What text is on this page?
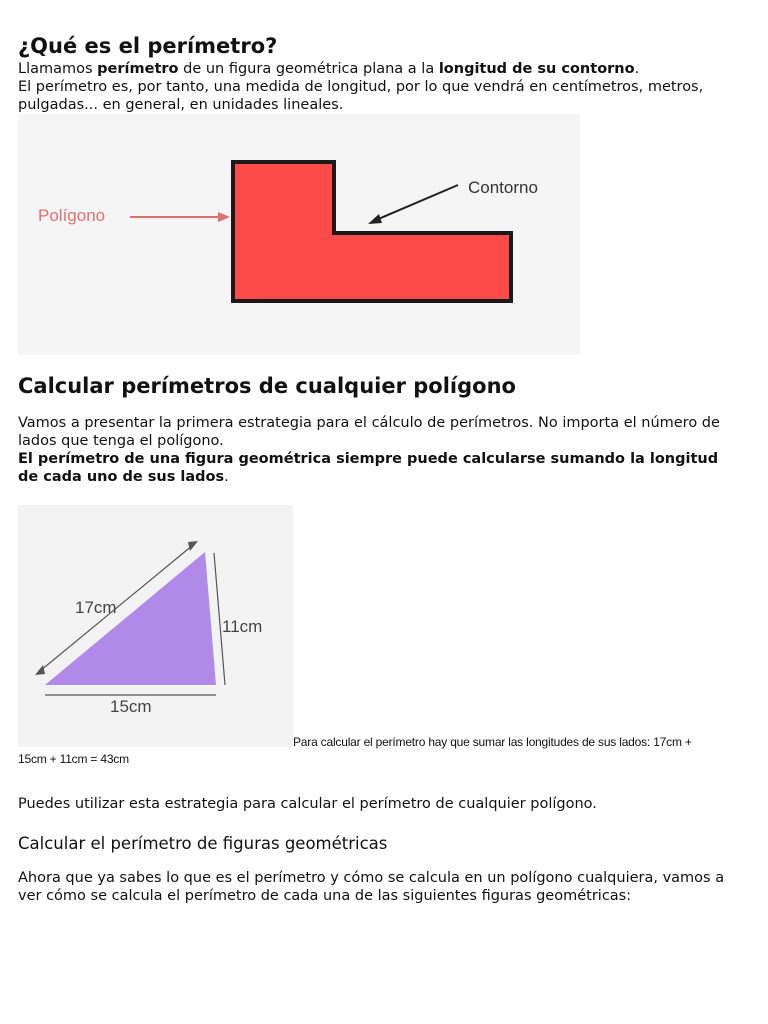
¿Qué es el perímetro?

Llamamos perímetro de un figura geométrica plana a la longitud de su contorno.
El perímetro es, por tanto, una medida de longitud, por lo que vendrá en centímetros, metros, pulgadas... en general, en unidades lineales.

Polígono
Contorno
Calcular perímetros de cualquier polígono

Vamos a presentar la primera estrategia para el cálculo de perímetros. No importa el número de lados que tenga el polígono.
El perímetro de una figura geométrica siempre puede calcularse sumando la longitud de cada uno de sus lados.

17cm
11cm
15cm
Para calcular el perímetro hay que sumar las longitudes de sus lados: 17cm +
15cm + 11cm = 43cm

Puedes utilizar esta estrategia para calcular el perímetro de cualquier polígono.

Calcular el perímetro de figuras geométricas

Ahora que ya sabes lo que es el perímetro y cómo se calcula en un polígono cualquiera, vamos a ver cómo se calcula el perímetro de cada una de las siguientes figuras geométricas:
